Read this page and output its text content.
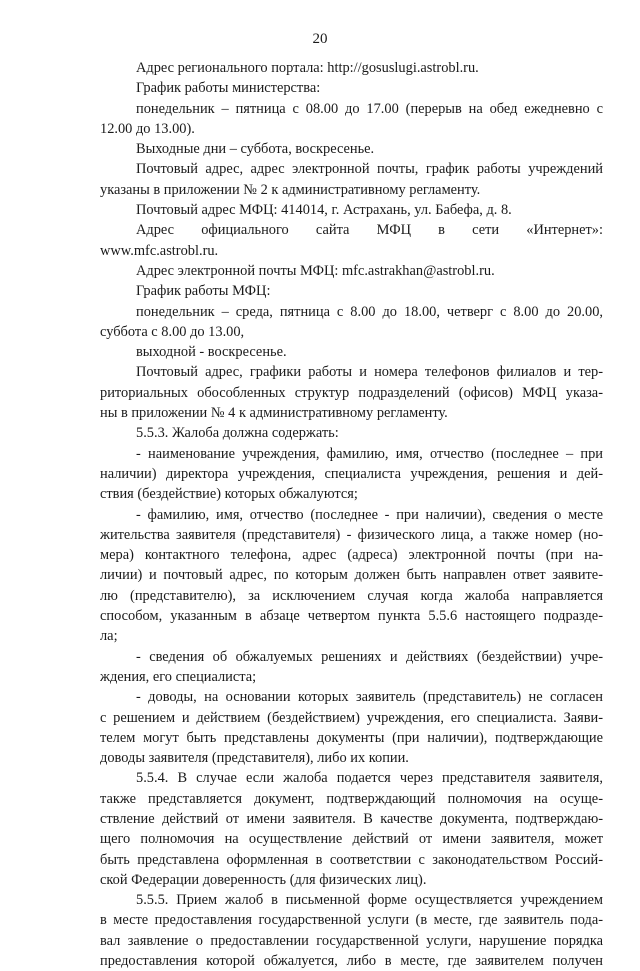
20
Адрес регионального портала: http://gosuslugi.astrobl.ru.
График работы министерства:
понедельник – пятница с 08.00 до 17.00 (перерыв на обед ежедневно с
12.00 до 13.00).
Выходные дни – суббота, воскресенье.
Почтовый адрес, адрес электронной почты, график работы учреждений
указаны в приложении № 2 к административному регламенту.
Почтовый адрес МФЦ: 414014, г. Астрахань, ул. Бабефа, д. 8.
Адрес официального сайта МФЦ в сети «Интернет»:
www.mfc.astrobl.ru.
Адрес электронной почты МФЦ: mfc.astrakhan@astrobl.ru.
График работы МФЦ:
понедельник – среда, пятница с 8.00 до 18.00, четверг с 8.00 до 20.00,
суббота с 8.00 до 13.00,
выходной - воскресенье.
Почтовый адрес, графики работы и номера телефонов филиалов и тер-
риториальных обособленных структур подразделений (офисов) МФЦ указа-
ны в приложении № 4 к административному регламенту.
5.5.3. Жалоба должна содержать:
- наименование учреждения, фамилию, имя, отчество (последнее – при
наличии) директора учреждения, специалиста учреждения, решения и дей-
ствия (бездействие) которых обжалуются;
- фамилию, имя, отчество (последнее - при наличии), сведения о месте
жительства заявителя (представителя) - физического лица, а также номер (но-
мера) контактного телефона, адрес (адреса) электронной почты (при на-
личии) и почтовый адрес, по которым должен быть направлен ответ заявите-
лю (представителю), за исключением случая когда жалоба направляется
способом, указанным в абзаце четвертом пункта 5.5.6 настоящего подразде-
ла;
- сведения об обжалуемых решениях и действиях (бездействии) учре-
ждения, его специалиста;
- доводы, на основании которых заявитель (представитель) не согласен
с решением и действием (бездействием) учреждения, его специалиста. Заяви-
телем могут быть представлены документы (при наличии), подтверждающие
доводы заявителя (представителя), либо их копии.
5.5.4. В случае если жалоба подается через представителя заявителя,
также представляется документ, подтверждающий полномочия на осуще-
ствление действий от имени заявителя. В качестве документа, подтверждаю-
щего полномочия на осуществление действий от имени заявителя, может
быть представлена оформленная в соответствии с законодательством Россий-
ской Федерации доверенность (для физических лиц).
5.5.5. Прием жалоб в письменной форме осуществляется учреждением
в месте предоставления государственной услуги (в месте, где заявитель пода-
вал заявление о предоставлении государственной услуги, нарушение порядка
предоставления которой обжалуется, либо в месте, где заявителем получен
